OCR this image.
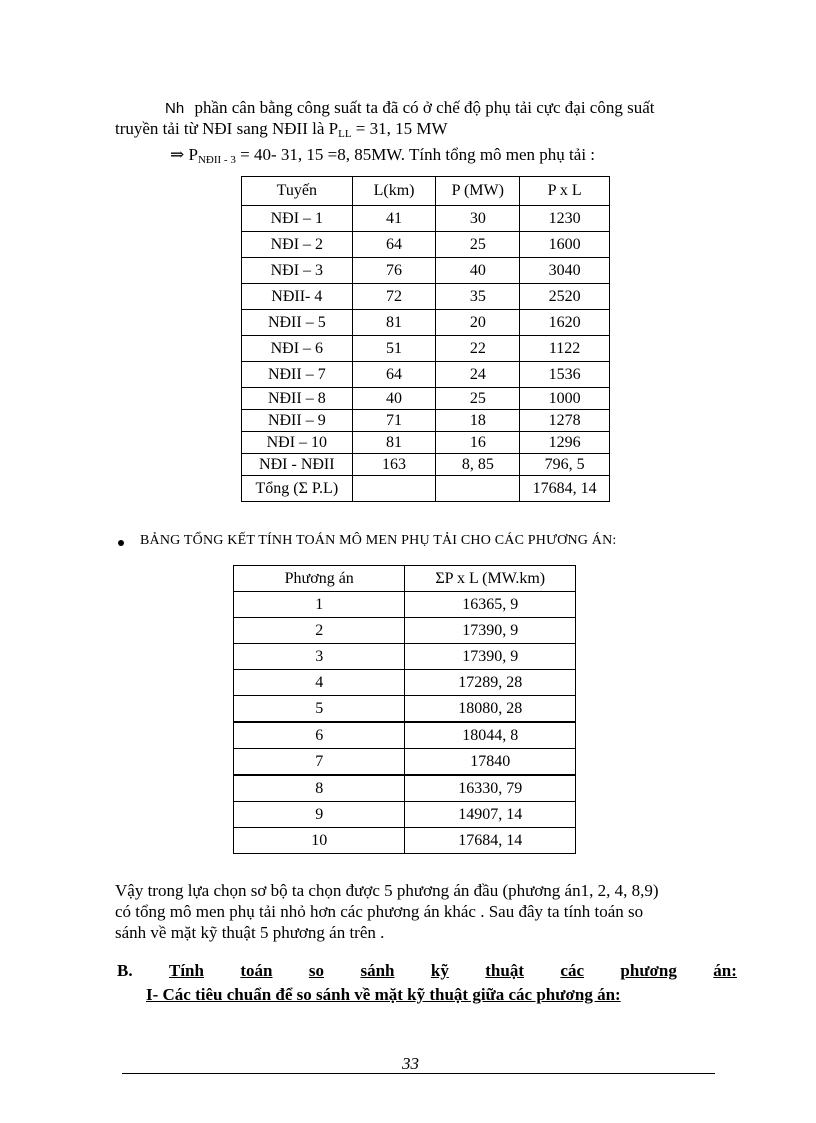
Nh phần cân bằng công suất ta đã có ở chế độ phụ tải cực đại công suất
truyền tải từ NĐI sang NĐII là $P_{LL} = 31$, 15 MW
⇒ $P_{NĐII - 3} = 40-$ 31, 15 =8, 85MW. Tính tổng mô men phụ tải :
Tuyến	L(km)	P (MW)	P x L
NĐI – 1	41	30	1230
NĐI – 2	64	25	1600
NĐI – 3	76	40	3040
NĐII- 4	72	35	2520
NĐII – 5	81	20	1620
NĐI – 6	51	22	1122
NĐII – 7	64	24	1536
NĐII – 8	40	25	1000
NĐII – 9	71	18	1278
NĐI – 10	81	16	1296
NĐI - NĐII	163	8, 85	796, 5
Tổng (Σ P.L)			17684, 14
BẢNG TỔNG KẾT TÍNH TOÁN MÔ MEN PHỤ TẢI CHO CÁC PHƯƠNG ÁN:
Phương án	ΣP x L (MW.km)
1	16365, 9
2	17390, 9
3	17390, 9
4	17289, 28
5	18080, 28
6	18044, 8
7	17840
8	16330, 79
9	14907, 14
10	17684, 14
Vậy trong lựa chọn sơ bộ ta chọn được 5 phương án đầu (phương án1, 2, 4, 8,9)
có tổng mô men phụ tải nhỏ hơn các phương án khác . Sau đây ta tính toán so
sánh về mặt kỹ thuật 5 phương án trên .
B. Tính toán so sánh kỹ thuật các phương án:
I- Các tiêu chuẩn để so sánh về mặt kỹ thuật giữa các phương án:
33
